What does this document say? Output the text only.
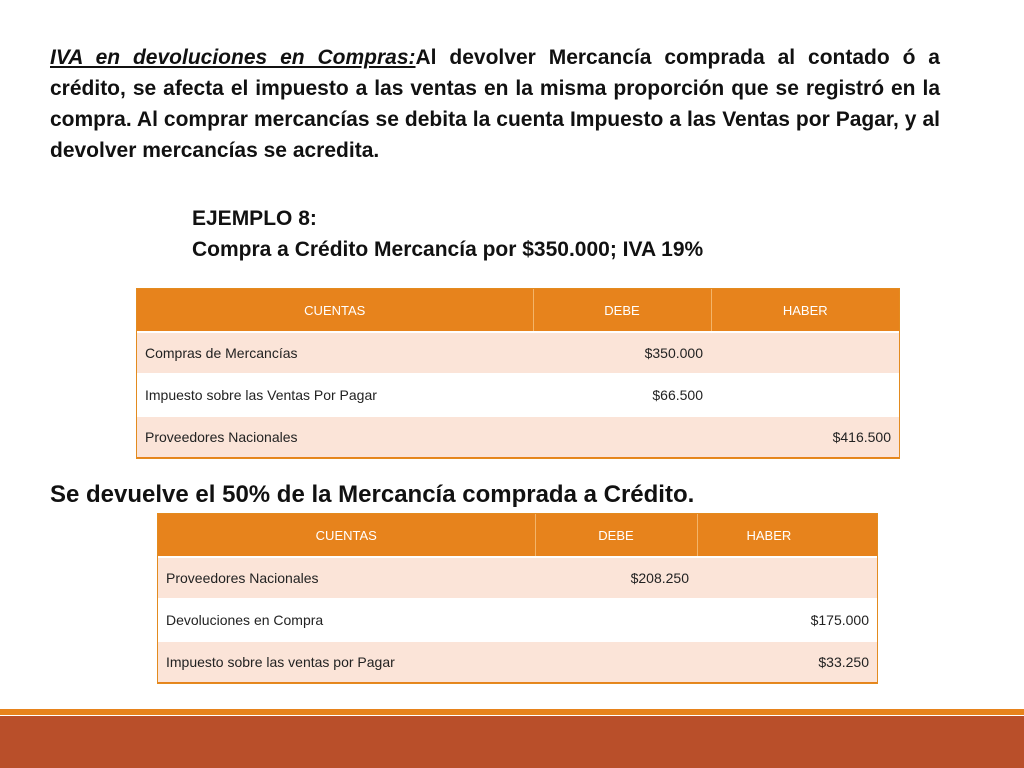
IVA en devoluciones en Compras:Al devolver Mercancía comprada al contado ó a crédito, se afecta el impuesto a las ventas en la misma proporción que se registró en la compra. Al comprar mercancías se debita la cuenta Impuesto a las Ventas por Pagar, y al devolver mercancías se acredita.

EJEMPLO 8:
Compra a Crédito Mercancía por $350.000; IVA 19%
CUENTAS	DEBE	HABER
Compras de Mercancías	$350.000	
Impuesto sobre las Ventas Por Pagar	$66.500	
Proveedores Nacionales		$416.500
Se devuelve el 50% de la Mercancía comprada a Crédito.
CUENTAS	DEBE	HABER
Proveedores Nacionales	$208.250	
Devoluciones en Compra		$175.000
Impuesto sobre las ventas por Pagar		$33.250
